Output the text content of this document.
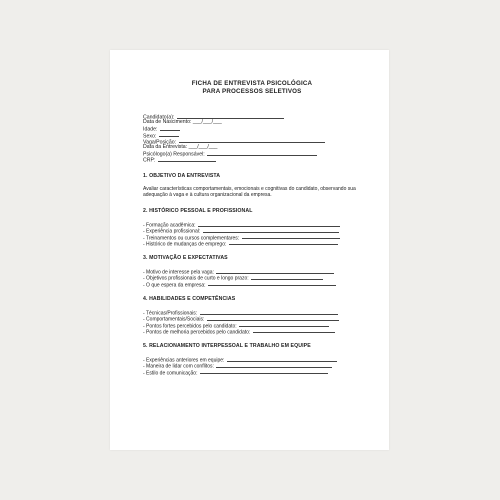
FICHA DE ENTREVISTA PSICOLÓGICA
PARA PROCESSOS SELETIVOS
Candidato(a):
Data de Nascimento: ___/___/___
Idade:
Sexo:
Vaga/Posição:
Data da Entrevista: ___/___/___
Psicólogo(a) Responsável:
CRP:
1. OBJETIVO DA ENTREVISTA
Avaliar características comportamentais, emocionais e cognitivas do candidato, observando sua adequação à vaga e à cultura organizacional da empresa.
2. HISTÓRICO PESSOAL E PROFISSIONAL
- Formação acadêmica:
- Experiência profissional:
- Treinamentos ou cursos complementares:
- Histórico de mudanças de emprego:
3. MOTIVAÇÃO E EXPECTATIVAS
- Motivo de interesse pela vaga:
- Objetivos profissionais de curto e longo prazo:
- O que espera da empresa:
4. HABILIDADES E COMPETÊNCIAS
- Técnicas/Profissionais:
- Comportamentais/Sociais:
- Pontos fortes percebidos pelo candidato:
- Pontos de melhoria percebidos pelo candidato:
5. RELACIONAMENTO INTERPESSOAL E TRABALHO EM EQUIPE
- Experiências anteriores em equipe:
- Maneira de lidar com conflitos:
- Estilo de comunicação:
